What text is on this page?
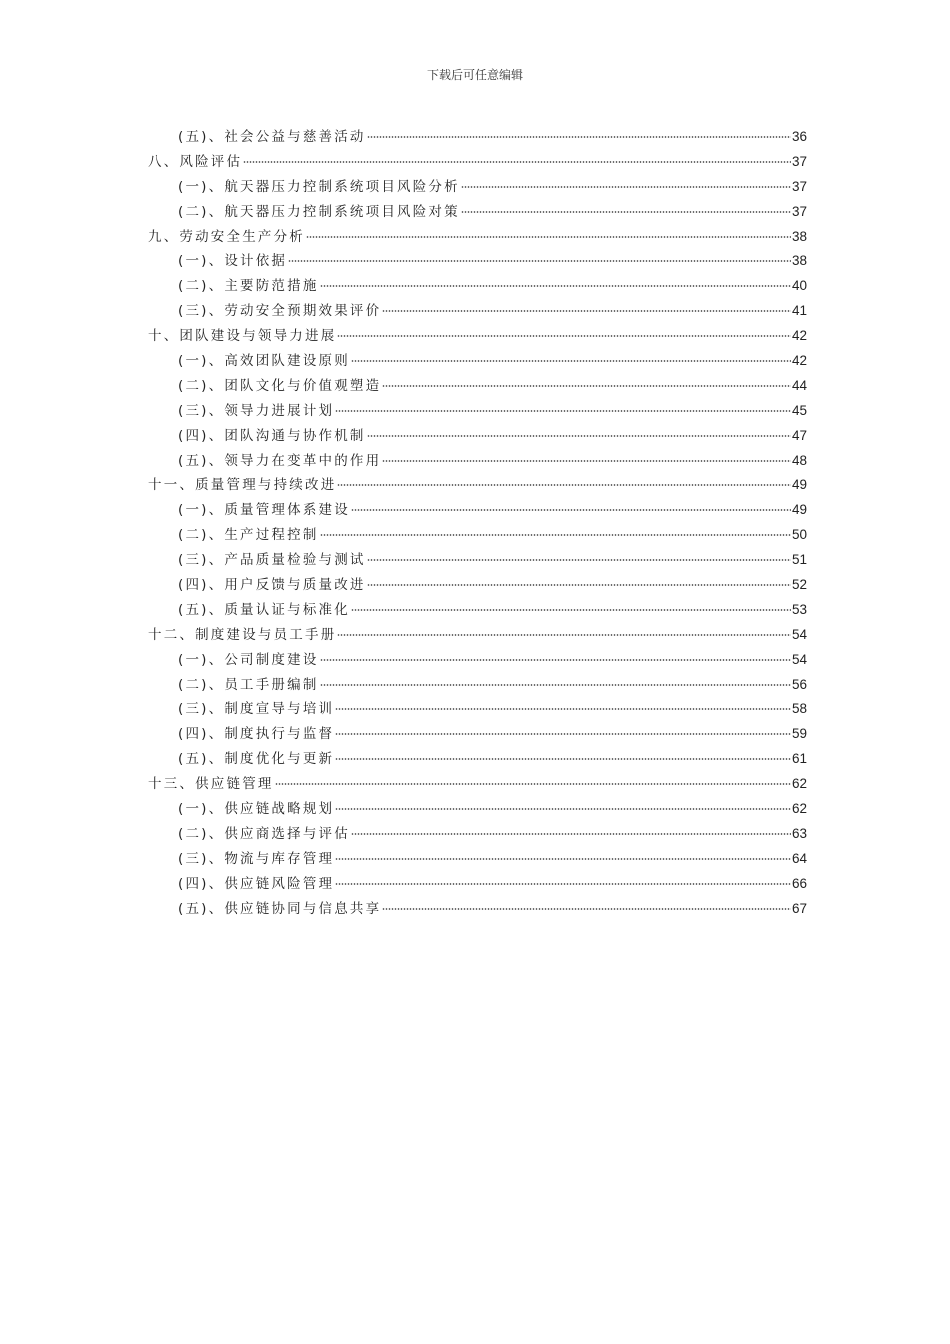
下载后可任意编辑
(五)、社会公益与慈善活动	36
八、风险评估	37
(一)、航天器压力控制系统项目风险分析	37
(二)、航天器压力控制系统项目风险对策	37
九、劳动安全生产分析	38
(一)、设计依据	38
(二)、主要防范措施	40
(三)、劳动安全预期效果评价	41
十、团队建设与领导力进展	42
(一)、高效团队建设原则	42
(二)、团队文化与价值观塑造	44
(三)、领导力进展计划	45
(四)、团队沟通与协作机制	47
(五)、领导力在变革中的作用	48
十一、质量管理与持续改进	49
(一)、质量管理体系建设	49
(二)、生产过程控制	50
(三)、产品质量检验与测试	51
(四)、用户反馈与质量改进	52
(五)、质量认证与标准化	53
十二、制度建设与员工手册	54
(一)、公司制度建设	54
(二)、员工手册编制	56
(三)、制度宣导与培训	58
(四)、制度执行与监督	59
(五)、制度优化与更新	61
十三、供应链管理	62
(一)、供应链战略规划	62
(二)、供应商选择与评估	63
(三)、物流与库存管理	64
(四)、供应链风险管理	66
(五)、供应链协同与信息共享	67
